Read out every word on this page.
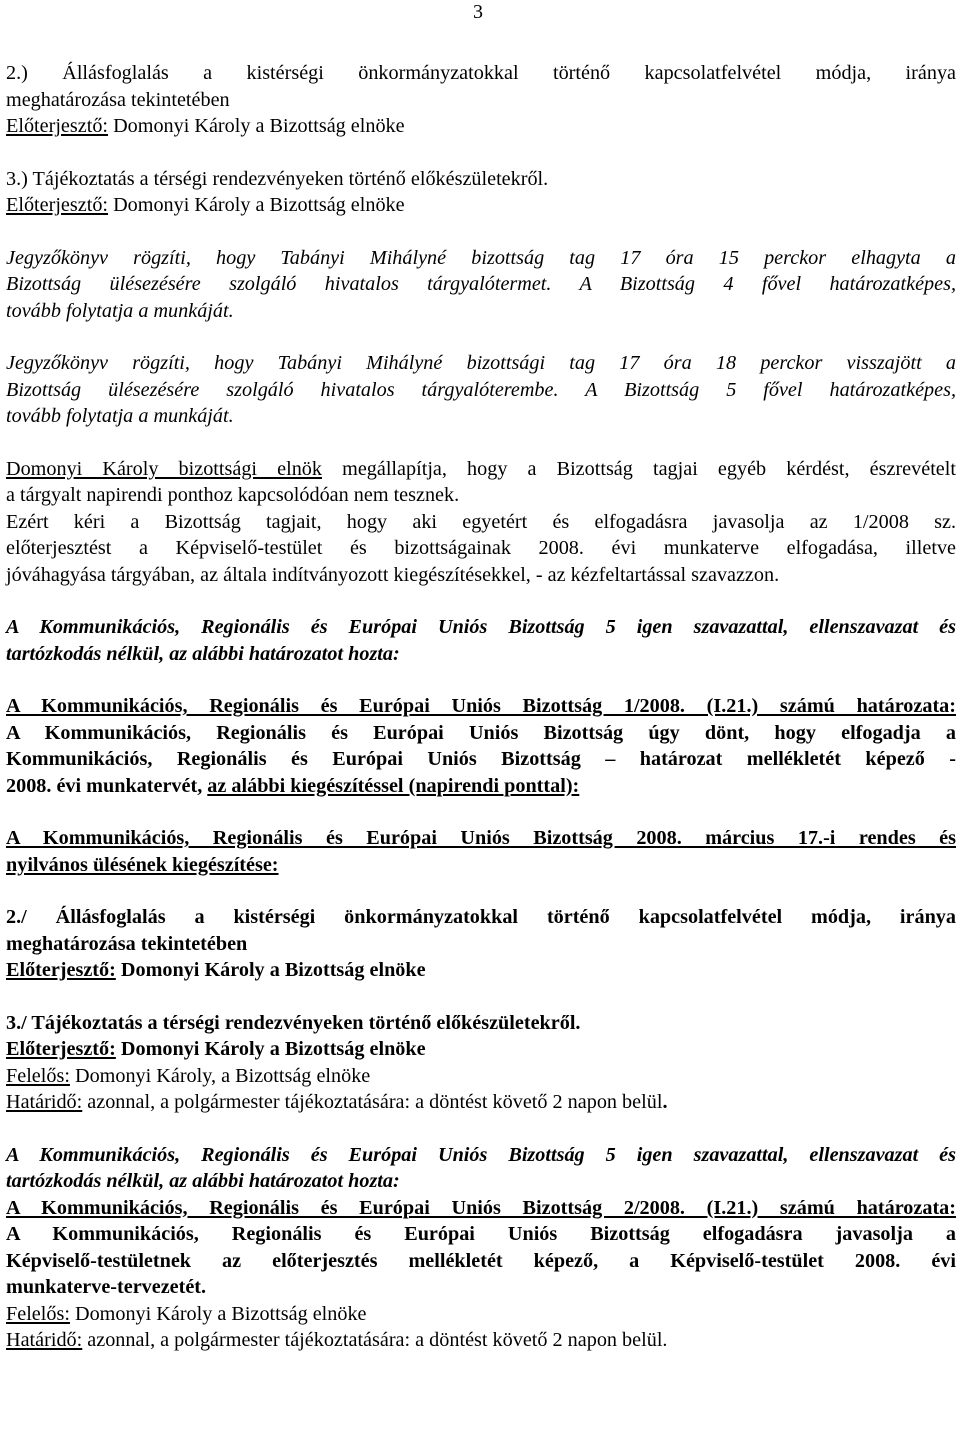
3

2.) Állásfoglalás a kistérségi önkormányzatokkal történő kapcsolatfelvétel módja, iránya

meghatározása tekintetében

Előterjesztő: Domonyi Károly a Bizottság elnöke

3.) Tájékoztatás a térségi rendezvényeken történő előkészületekről.

Előterjesztő: Domonyi Károly a Bizottság elnöke

Jegyzőkönyv rögzíti, hogy Tabányi Mihályné bizottság tag 17 óra 15 perckor elhagyta a

Bizottság ülésezésére szolgáló hivatalos tárgyalótermet. A Bizottság 4 fővel határozatképes,

tovább folytatja a munkáját.

Jegyzőkönyv rögzíti, hogy Tabányi Mihályné bizottsági tag 17 óra 18 perckor visszajött a

Bizottság ülésezésére szolgáló hivatalos tárgyalóterembe. A Bizottság 5 fővel határozatképes,

tovább folytatja a munkáját.

Domonyi Károly bizottsági elnök megállapítja, hogy a Bizottság tagjai egyéb kérdést, észrevételt

a tárgyalt napirendi ponthoz kapcsolódóan nem tesznek.

Ezért kéri a Bizottság tagjait, hogy aki egyetért és elfogadásra javasolja az 1/2008 sz.

előterjesztést a Képviselő-testület és bizottságainak 2008. évi munkaterve elfogadása, illetve

jóváhagyása tárgyában, az általa indítványozott kiegészítésekkel, - az kézfeltartással szavazzon.

A Kommunikációs, Regionális és Európai Uniós Bizottság 5 igen szavazattal, ellenszavazat és

tartózkodás nélkül, az alábbi határozatot hozta:

A Kommunikációs, Regionális és Európai Uniós Bizottság 1/2008. (I.21.) számú határozata:

A Kommunikációs, Regionális és Európai Uniós Bizottság úgy dönt, hogy elfogadja a

Kommunikációs, Regionális és Európai Uniós Bizottság – határozat mellékletét képező -

2008. évi munkatervét, az alábbi kiegészítéssel (napirendi ponttal):

A Kommunikációs, Regionális és Európai Uniós Bizottság 2008. március 17.-i rendes és

nyilvános ülésének kiegészítése:

2./ Állásfoglalás a kistérségi önkormányzatokkal történő kapcsolatfelvétel módja, iránya

meghatározása tekintetében

Előterjesztő: Domonyi Károly a Bizottság elnöke

3./ Tájékoztatás a térségi rendezvényeken történő előkészületekről.

Előterjesztő: Domonyi Károly a Bizottság elnöke

Felelős: Domonyi Károly, a Bizottság elnöke

Határidő: azonnal, a polgármester tájékoztatására: a döntést követő 2 napon belül.

A Kommunikációs, Regionális és Európai Uniós Bizottság 5 igen szavazattal, ellenszavazat és

tartózkodás nélkül, az alábbi határozatot hozta:

A Kommunikációs, Regionális és Európai Uniós Bizottság 2/2008. (I.21.) számú határozata:

A Kommunikációs, Regionális és Európai Uniós Bizottság elfogadásra javasolja a

Képviselő-testületnek az előterjesztés mellékletét képező, a Képviselő-testület 2008. évi

munkaterve-tervezetét.

Felelős: Domonyi Károly a Bizottság elnöke

Határidő: azonnal, a polgármester tájékoztatására: a döntést követő 2 napon belül.
